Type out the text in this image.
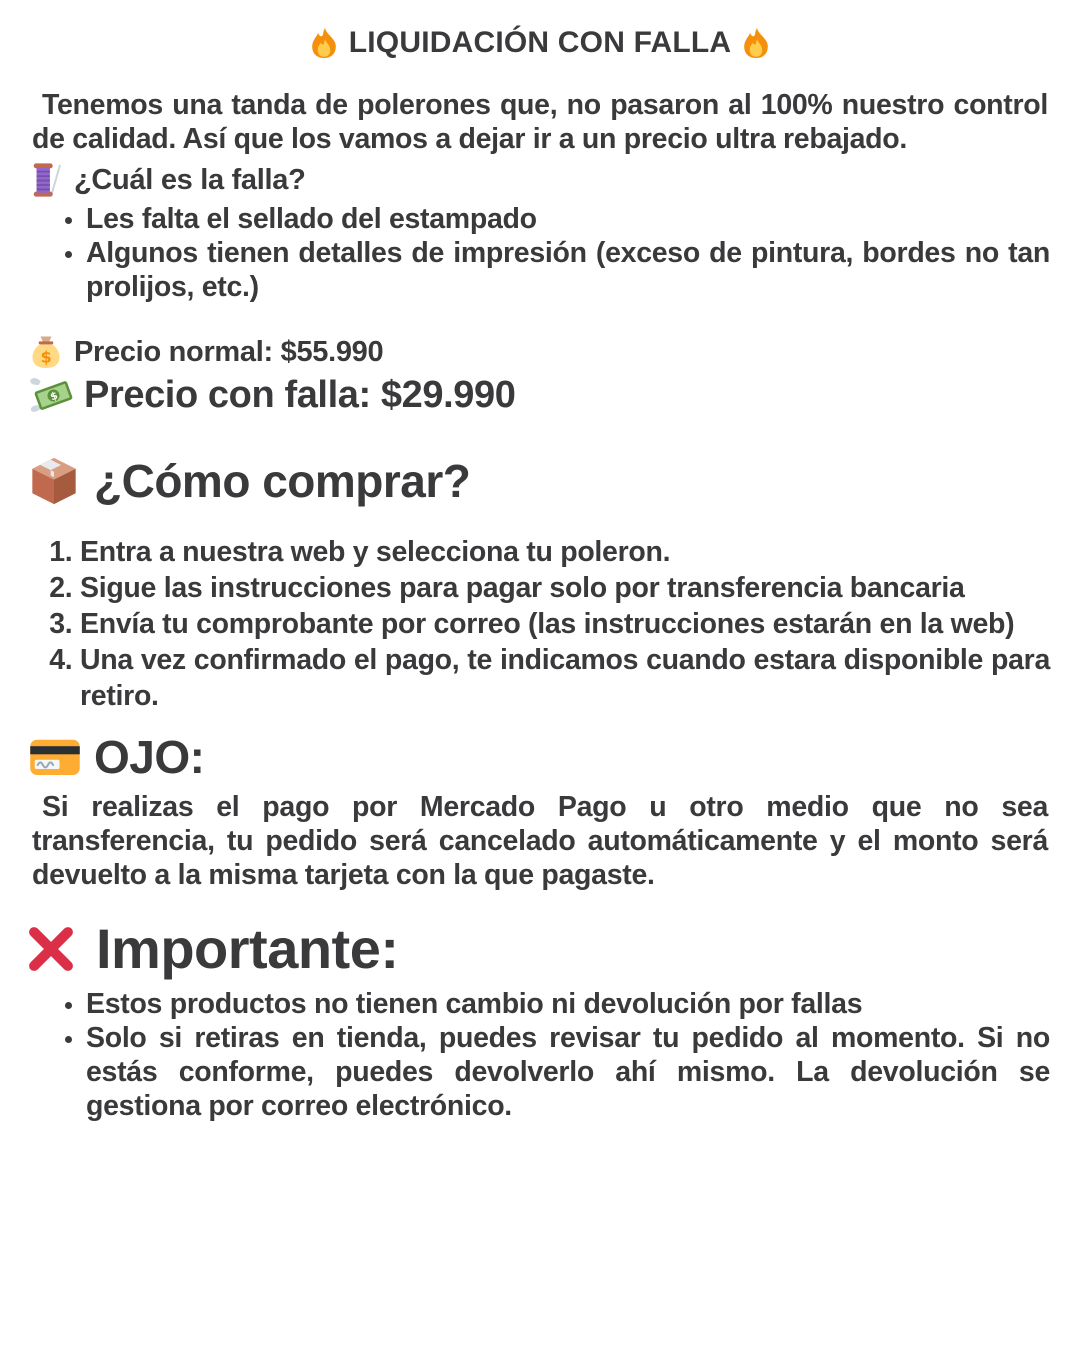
LIQUIDACIÓN CON FALLA

Tenemos una tanda de polerones que, no pasaron al 100% nuestro control de calidad. Así que los vamos a dejar ir a un precio ultra rebajado.

¿Cuál es la falla?
• Les falta el sellado del estampado
• Algunos tienen detalles de impresión (exceso de pintura, bordes no tan prolijos, etc.)
$ Precio normal: $55.990
$ Precio con falla: $29.990
¿Cómo comprar?
1. Entra a nuestra web y selecciona tu poleron.
2. Sigue las instrucciones para pagar solo por transferencia bancaria
3. Envía tu comprobante por correo (las instrucciones estarán en la web)
4. Una vez confirmado el pago, te indicamos cuando estara disponible para retiro.
OJO:

Si realizas el pago por Mercado Pago u otro medio que no sea transferencia, tu pedido será cancelado automáticamente y el monto será devuelto a la misma tarjeta con la que pagaste.

Importante:
• Estos productos no tienen cambio ni devolución por fallas
• Solo si retiras en tienda, puedes revisar tu pedido al momento. Si no estás conforme, puedes devolverlo ahí mismo. La devolución se gestiona por correo electrónico.
